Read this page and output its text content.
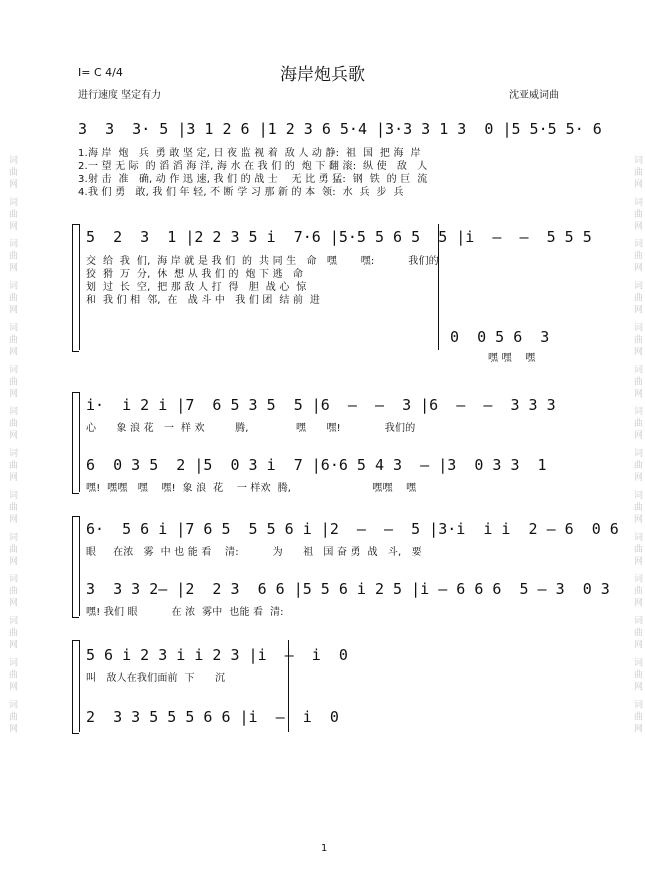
词曲网 词曲网 词曲网 词曲网 词曲网 词曲网 词曲网 词曲网 词曲网 词曲网 词曲网 词曲网 词曲网 词曲网
词曲网 词曲网 词曲网 词曲网 词曲网 词曲网 词曲网 词曲网 词曲网 词曲网 词曲网 词曲网 词曲网 词曲网
I= C 4/4	海岸炮兵歌
进行速度 坚定有力	沈亚威词曲
3  3  3· 5 |3 1 2 6 |1 2 3 6 5·4 |3·3 3 1 3  0 |5 5·5 5· 6
1.海 岸  炮   兵  勇 敢 坚 定, 日 夜 监 视 着  敌 人 动 静:  祖  国  把 海  岸
2.一 望 无 际  的 滔 滔 海 洋, 海 水 在 我 们 的  炮 下 翻 滚:  纵 使   敌   人
3.射 击  准   确, 动 作 迅 速, 我 们 的 战 士    无 比 勇 猛:  钢  铁  的 巨  流
4.我 们 勇   敢, 我 们 年 轻, 不 断 学 习 那 新 的 本  领:  水  兵  步  兵
5  2  3  1 |2 2 3 5 i  7·6 |5·5 5 6 5  5 |i  –  –  5 5 5
交  给  我  们,  海 岸 就 是 我 们  的  共 同 生   命   嘿       嘿:          我们的
狡  猾  万  分,  休  想 从 我 们 的  炮 下 逃   命
划  过  长  空,  把 那 敌 人 打  得   胆  战 心  惊
和  我 们 相  邻,  在   战 斗 中   我 们 团  结 前  进
0  0 5 6  3
嘿 嘿    嘿
i·  i 2 i |7  6 5 3 5  5 |6  –  –  3 |6  –  –  3 3 3
心      象 浪 花   一  样 欢         腾,              嘿      嘿!             我们的
6  0 3 5  2 |5  0 3 i  7 |6·6 5 4 3  – |3  0 3 3  1
嘿!  嘿嘿   嘿    嘿!  象 浪  花    一 样欢  腾,                        嘿嘿    嘿
6·  5 6 i |7 6 5  5 5 6 i |2  –  –  5 |3·i  i i  2 – 6  0 6
眼     在浓   雾  中 也 能 看    清:          为      祖   国 奋 勇  战   斗,   要
3  3 3 2– |2  2 3  6 6 |5 5 6 i 2 5 |i – 6 6 6  5 – 3  0 3
嘿! 我们 眼          在 浓  雾中  也能 看  清:
5 6 i 2 3 i i 2 3 |i  –  i  0
叫   敌人在我们面前  下      沉
2  3 3 5 5 5 6 6 |i  –  i  0
1
